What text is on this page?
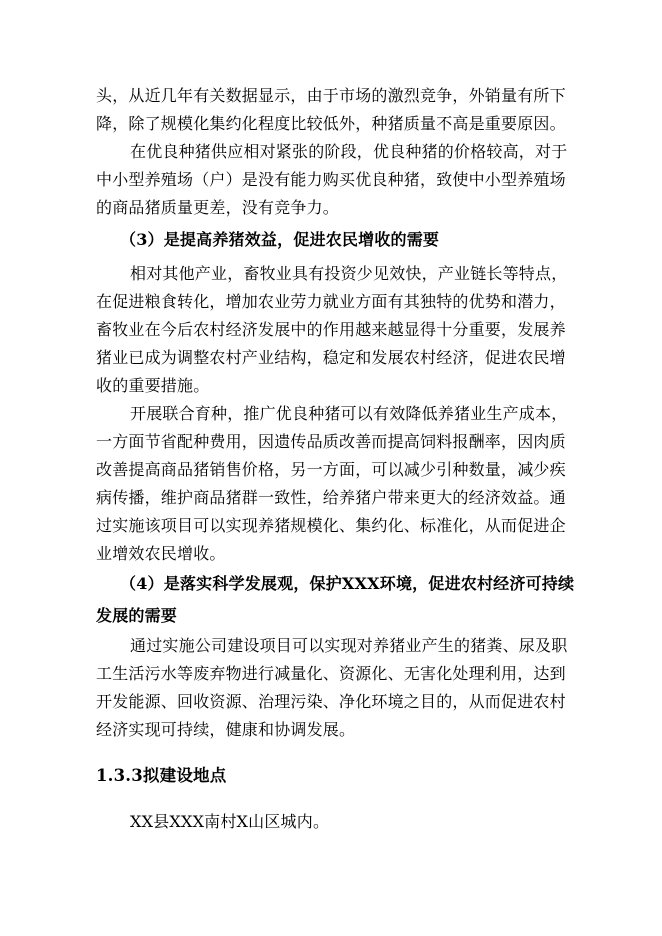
头，从近几年有关数据显示，由于市场的激烈竞争，外销量有所下
降，除了规模化集约化程度比较低外，种猪质量不高是重要原因。
在优良种猪供应相对紧张的阶段，优良种猪的价格较高，对于
中小型养殖场（户）是没有能力购买优良种猪，致使中小型养殖场
的商品猪质量更差，没有竞争力。
（3）是提高养猪效益，促进农民增收的需要
相对其他产业，畜牧业具有投资少见效快，产业链长等特点，
在促进粮食转化，增加农业劳力就业方面有其独特的优势和潜力，
畜牧业在今后农村经济发展中的作用越来越显得十分重要，发展养
猪业已成为调整农村产业结构，稳定和发展农村经济，促进农民增
收的重要措施。
开展联合育种，推广优良种猪可以有效降低养猪业生产成本，
一方面节省配种费用，因遗传品质改善而提高饲料报酬率，因肉质
改善提高商品猪销售价格，另一方面，可以减少引种数量，减少疾
病传播，维护商品猪群一致性，给养猪户带来更大的经济效益。通
过实施该项目可以实现养猪规模化、集约化、标准化，从而促进企
业增效农民增收。
（4）是落实科学发展观，保护XXX环境，促进农村经济可持续
发展的需要
通过实施公司建设项目可以实现对养猪业产生的猪粪、尿及职
工生活污水等废弃物进行减量化、资源化、无害化处理利用，达到
开发能源、回收资源、治理污染、净化环境之目的，从而促进农村
经济实现可持续，健康和协调发展。
1.3.3拟建设地点
XX县XXX南村X山区城内。
